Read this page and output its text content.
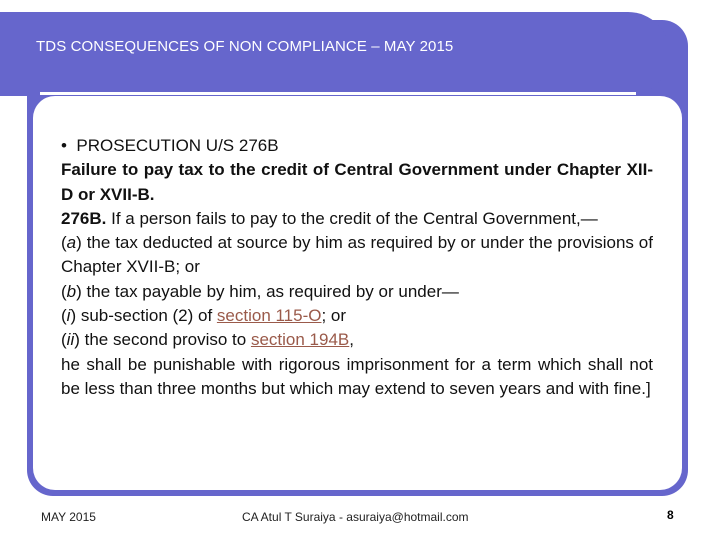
TDS CONSEQUENCES OF NON COMPLIANCE – MAY 2015

• PROSECUTION U/S 276B

Failure to pay tax to the credit of Central Government under Chapter XII-D or XVII-B.

276B. If a person fails to pay to the credit of the Central Government,—

(a) the tax deducted at source by him as required by or under the provisions of Chapter XVII-B; or

(b) the tax payable by him, as required by or under—

(i) sub-section (2) of section 115-O; or

(ii) the second proviso to section 194B,

he shall be punishable with rigorous imprisonment for a term which shall not be less than three months but which may extend to seven years and with fine.]

MAY 2015	CA Atul T Suraiya - asuraiya@hotmail.com	8
